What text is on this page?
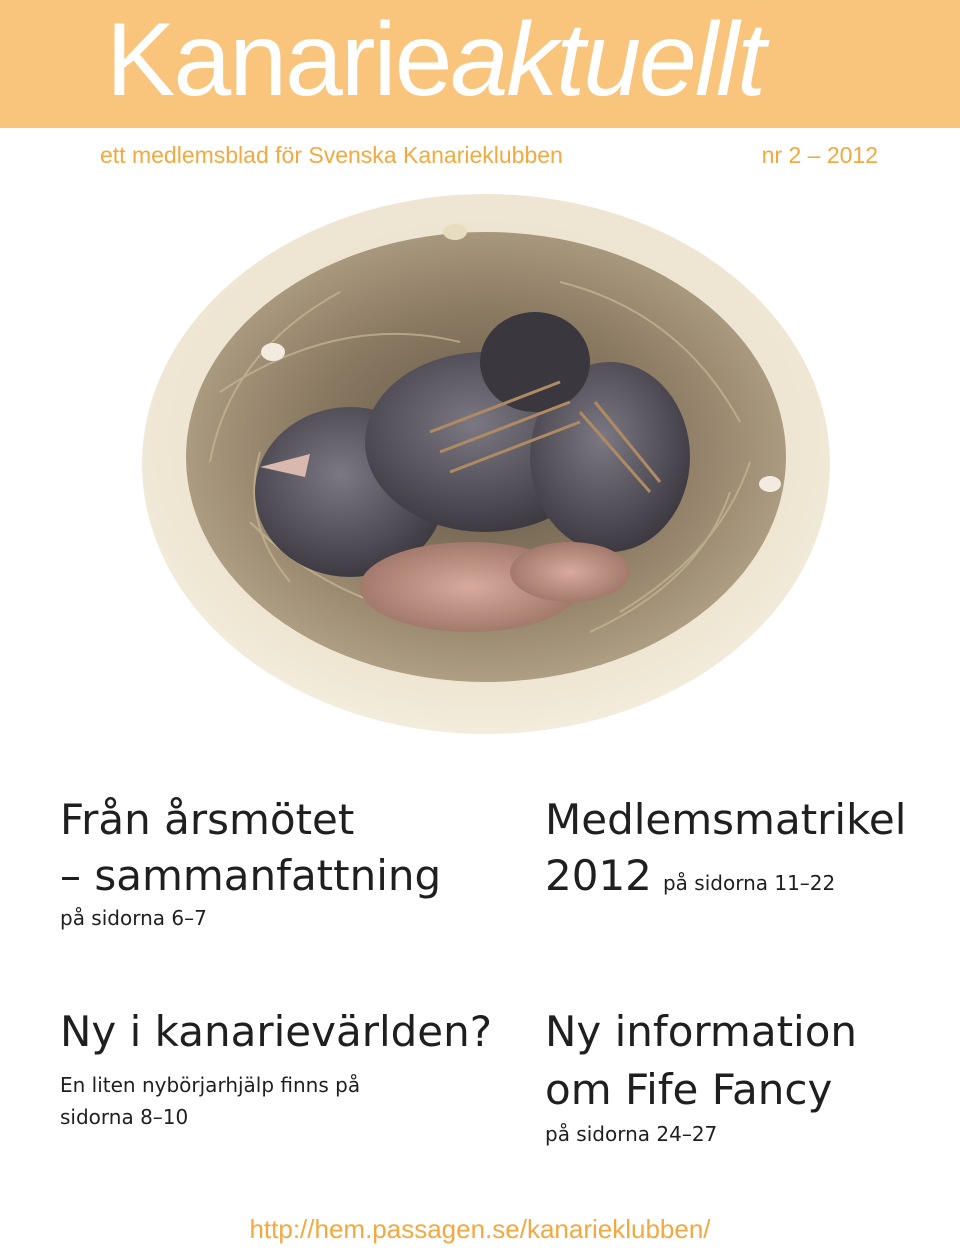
Kanarieaktuellt
ett medlemsblad för Svenska Kanarieklubben	nr 2 – 2012
Från årsmötet
– sammanfattning
på sidorna 6–7
Medlemsmatrikel
2012 på sidorna 11–22
Ny i kanarievärlden?
En liten nybörjarhjälp finns på
sidorna 8–10
Ny information
om Fife Fancy
på sidorna 24–27
http://hem.passagen.se/kanarieklubben/
